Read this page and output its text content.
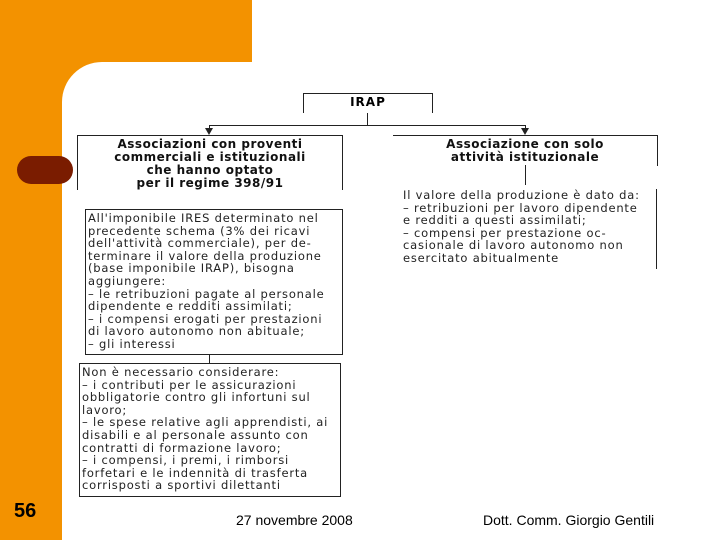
IRAP
Associazioni con proventi
commerciali e istituzionali
che hanno optato
per il regime 398/91
Associazione con solo
attività istituzionale
All'imponibile IRES determinato nel
precedente schema (3% dei ricavi
dell'attività commerciale), per de-
terminare il valore della produzione
(base imponibile IRAP), bisogna
aggiungere:
– le retribuzioni pagate al personale
dipendente e redditi assimilati;
– i compensi erogati per prestazioni
di lavoro autonomo non abituale;
– gli interessi
Il valore della produzione è dato da:
– retribuzioni per lavoro dipendente
e redditi a questi assimilati;
– compensi per prestazione oc-
casionale di lavoro autonomo non
esercitato abitualmente
Non è necessario considerare:
– i contributi per le assicurazioni
obbligatorie contro gli infortuni sul
lavoro;
– le spese relative agli apprendisti, ai
disabili e al personale assunto con
contratti di formazione lavoro;
– i compensi, i premi, i rimborsi
forfetari e le indennità di trasferta
corrisposti a sportivi dilettanti
56	27 novembre 2008	Dott. Comm. Giorgio Gentili
